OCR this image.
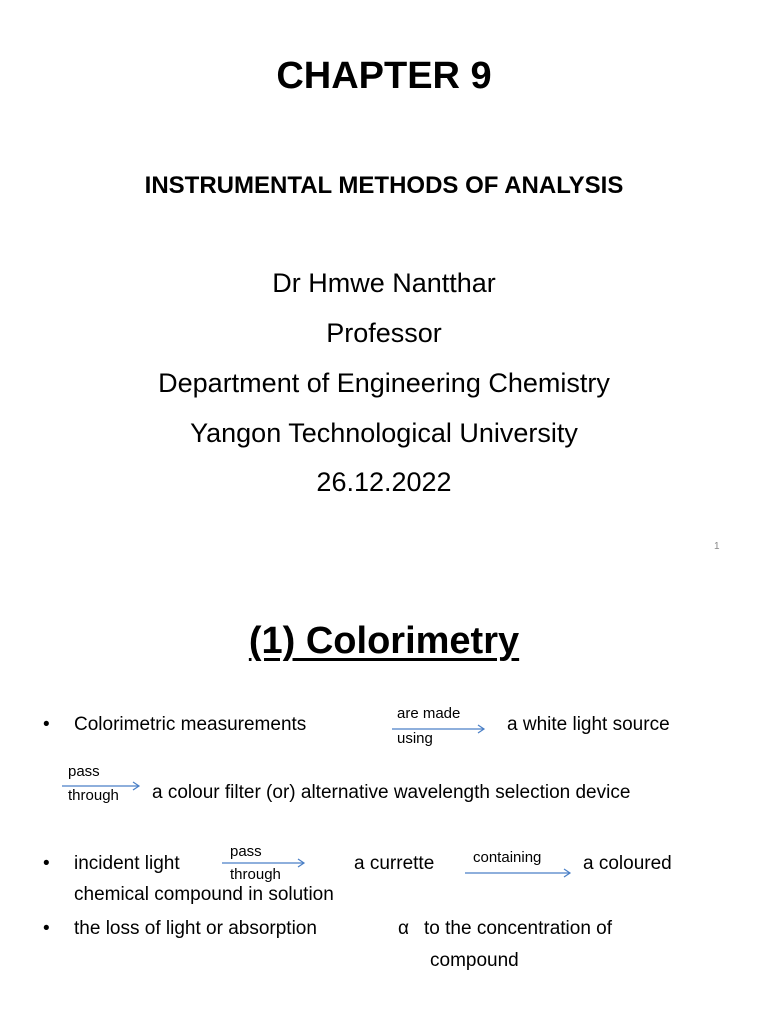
CHAPTER 9
INSTRUMENTAL METHODS OF ANALYSIS
Dr Hmwe Nantthar
Professor
Department of Engineering Chemistry
Yangon Technological University
26.12.2022
1
(1) Colorimetry
• Colorimetric measurements
are made
using
a white light source
pass
through a colour filter (or) alternative wavelength selection device
• incident light
pass
through
a currette	containing a coloured
chemical compound in solution
• the loss of light or absorption	α to the concentration of
compound
